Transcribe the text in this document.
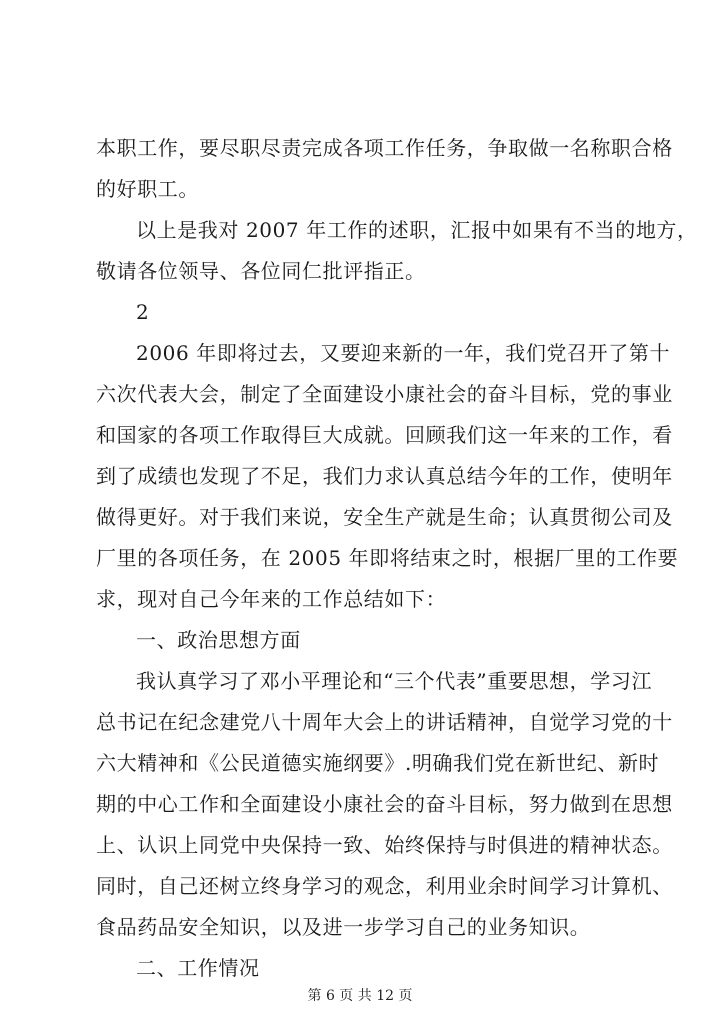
本职工作，要尽职尽责完成各项工作任务，争取做一名称职合格
的好职工。
以上是我对 2007 年工作的述职，汇报中如果有不当的地方，
敬请各位领导、各位同仁批评指正。
2
2006 年即将过去，又要迎来新的一年，我们党召开了第十
六次代表大会，制定了全面建设小康社会的奋斗目标，党的事业
和国家的各项工作取得巨大成就。回顾我们这一年来的工作，看
到了成绩也发现了不足，我们力求认真总结今年的工作，使明年
做得更好。对于我们来说，安全生产就是生命；认真贯彻公司及
厂里的各项任务，在 2005 年即将结束之时，根据厂里的工作要
求，现对自己今年来的工作总结如下：
一、政治思想方面
我认真学习了邓小平理论和“三个代表”重要思想，学习江
总书记在纪念建党八十周年大会上的讲话精神，自觉学习党的十
六大精神和《公民道德实施纲要》.明确我们党在新世纪、新时
期的中心工作和全面建设小康社会的奋斗目标，努力做到在思想
上、认识上同党中央保持一致、始终保持与时俱进的精神状态。
同时，自己还树立终身学习的观念，利用业余时间学习计算机、
食品药品安全知识，以及进一步学习自己的业务知识。
二、工作情况
第 6 页 共 12 页
